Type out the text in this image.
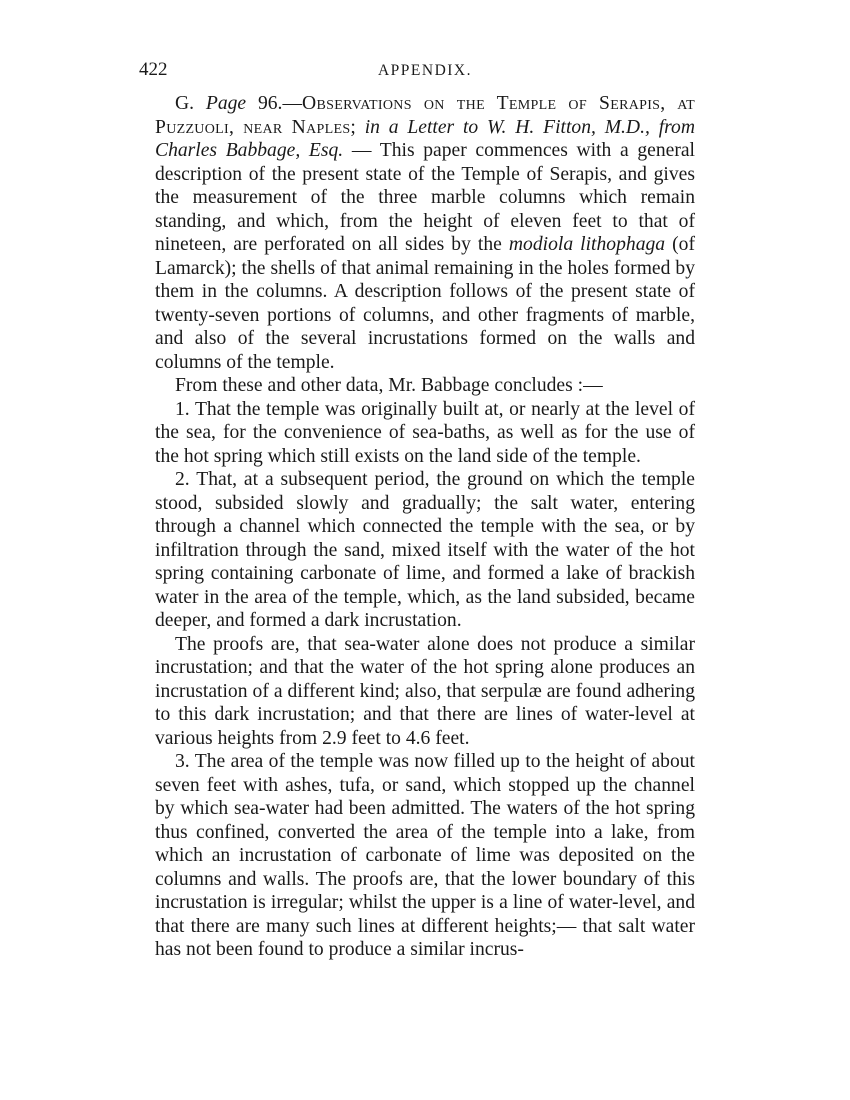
422	APPENDIX.

G. Page 96.—Observations on the Temple of Serapis, at Puzzuoli, near Naples; in a Letter to W. H. Fitton, M.D., from Charles Babbage, Esq. — This paper commences with a general description of the present state of the Temple of Serapis, and gives the measurement of the three marble columns which remain standing, and which, from the height of eleven feet to that of nineteen, are perforated on all sides by the modiola lithophaga (of Lamarck); the shells of that animal remaining in the holes formed by them in the columns. A description follows of the present state of twenty-seven portions of columns, and other fragments of marble, and also of the several incrustations formed on the walls and columns of the temple.

From these and other data, Mr. Babbage concludes :—

1. That the temple was originally built at, or nearly at the level of the sea, for the convenience of sea-baths, as well as for the use of the hot spring which still exists on the land side of the temple.

2. That, at a subsequent period, the ground on which the temple stood, subsided slowly and gradually; the salt water, entering through a channel which connected the temple with the sea, or by infiltration through the sand, mixed itself with the water of the hot spring containing carbonate of lime, and formed a lake of brackish water in the area of the temple, which, as the land subsided, became deeper, and formed a dark incrustation.

The proofs are, that sea-water alone does not produce a similar incrustation; and that the water of the hot spring alone produces an incrustation of a different kind; also, that serpulæ are found adhering to this dark incrustation; and that there are lines of water-level at various heights from 2.9 feet to 4.6 feet.

3. The area of the temple was now filled up to the height of about seven feet with ashes, tufa, or sand, which stopped up the channel by which sea-water had been admitted. The waters of the hot spring thus confined, converted the area of the temple into a lake, from which an incrustation of carbonate of lime was deposited on the columns and walls. The proofs are, that the lower boundary of this incrustation is irregular; whilst the upper is a line of water-level, and that there are many such lines at different heights;— that salt water has not been found to produce a similar incrus-
